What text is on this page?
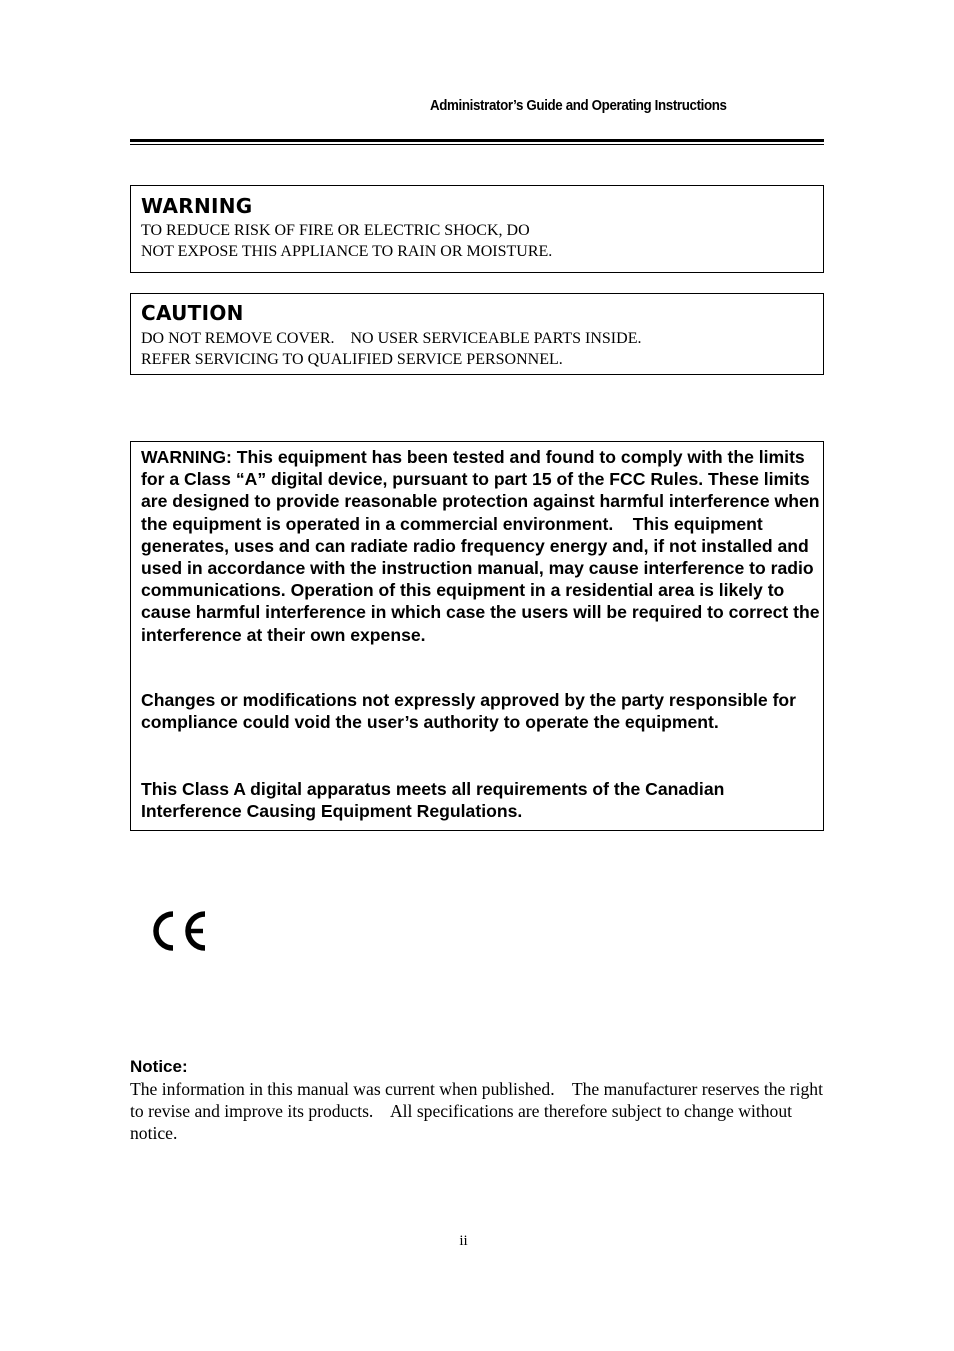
Administrator’s Guide and Operating Instructions
WARNING
TO REDUCE RISK OF FIRE OR ELECTRIC SHOCK, DO
NOT EXPOSE THIS APPLIANCE TO RAIN OR MOISTURE.
CAUTION
DO NOT REMOVE COVER.    NO USER SERVICEABLE PARTS INSIDE.
REFER SERVICING TO QUALIFIED SERVICE PERSONNEL.
WARNING: This equipment has been tested and found to comply with the limits for a Class “A” digital device, pursuant to part 15 of the FCC Rules. These limits are designed to provide reasonable protection against harmful interference when the equipment is operated in a commercial environment.    This equipment generates, uses and can radiate radio frequency energy and, if not installed and used in accordance with the instruction manual, may cause interference to radio communications. Operation of this equipment in a residential area is likely to cause harmful interference in which case the users will be required to correct the interference at their own expense.
Changes or modifications not expressly approved by the party responsible for compliance could void the user’s authority to operate the equipment.
This Class A digital apparatus meets all requirements of the Canadian Interference Causing Equipment Regulations.
Notice:
The information in this manual was current when published.    The manufacturer reserves the right to revise and improve its products.    All specifications are therefore subject to change without notice.
ii
